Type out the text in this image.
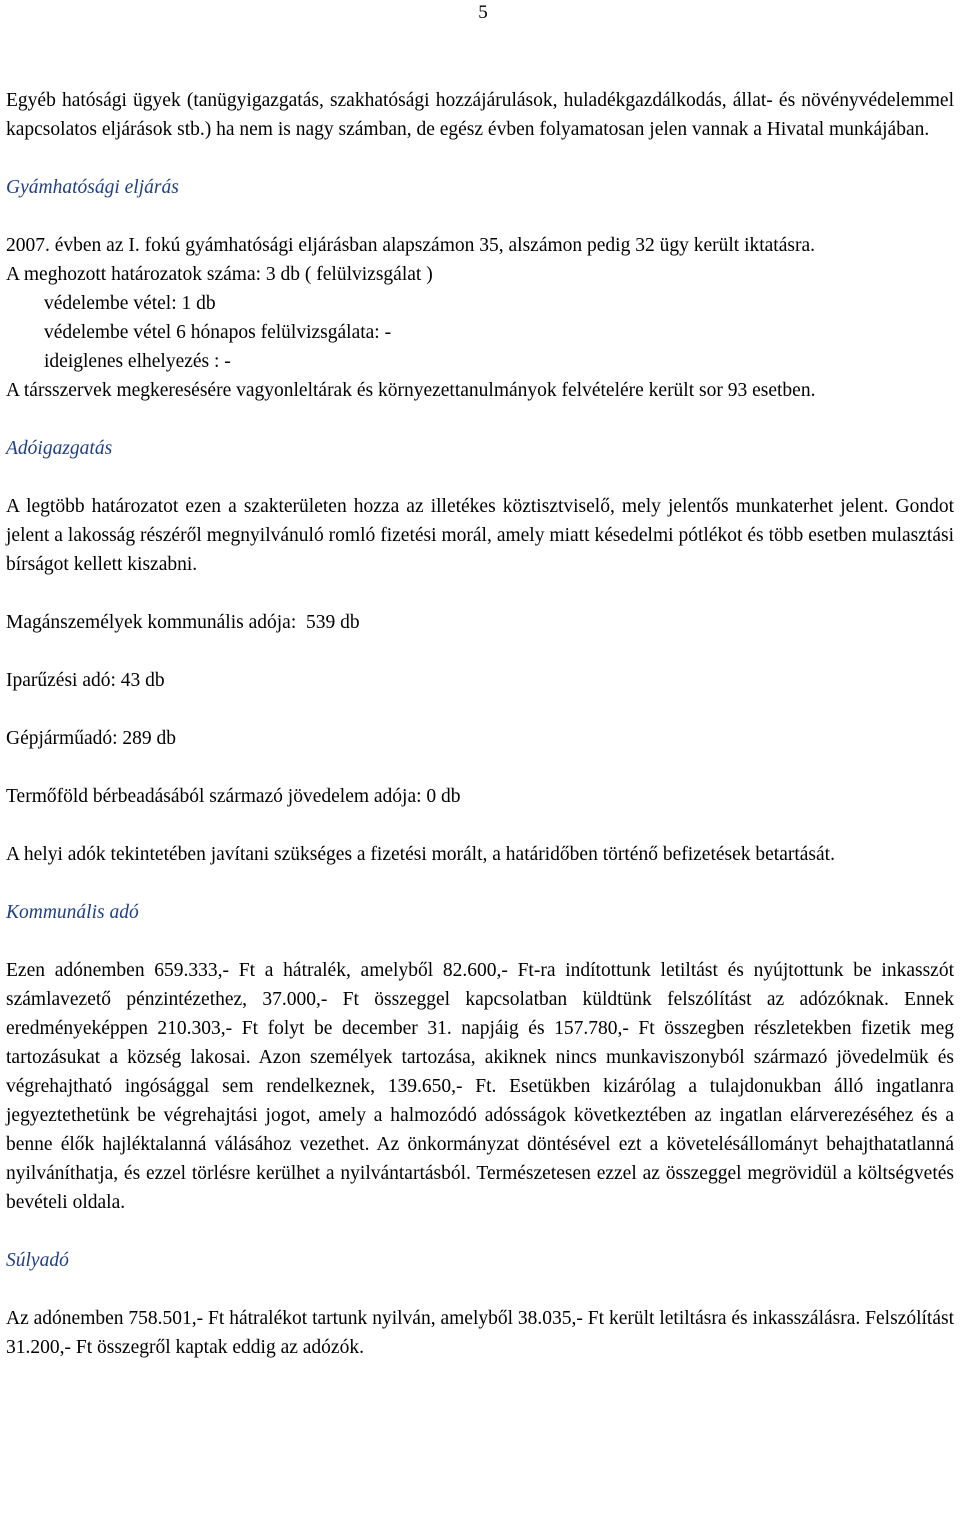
5

Egyéb hatósági ügyek (tanügyigazgatás, szakhatósági hozzájárulások, huladékgazdálkodás, állat- és növényvédelemmel kapcsolatos eljárások stb.) ha nem is nagy számban, de egész évben folyamatosan jelen vannak a Hivatal munkájában.

Gyámhatósági eljárás

2007. évben az I. fokú gyámhatósági eljárásban alapszámon 35, alszámon pedig 32 ügy került iktatásra.

A meghozott határozatok száma: 3 db ( felülvizsgálat )

védelembe vétel: 1 db

védelembe vétel 6 hónapos felülvizsgálata: -

ideiglenes elhelyezés : -

A társszervek megkeresésére vagyonleltárak és környezettanulmányok felvételére került sor 93 esetben.

Adóigazgatás

A legtöbb határozatot ezen a szakterületen hozza az illetékes köztisztviselő, mely jelentős munkaterhet jelent. Gondot jelent a lakosság részéről megnyilvánuló romló fizetési morál, amely miatt késedelmi pótlékot és több esetben mulasztási bírságot kellett kiszabni.

Magánszemélyek kommunális adója:  539 db

Iparűzési adó: 43 db

Gépjárműadó: 289 db

Termőföld bérbeadásából származó jövedelem adója: 0 db

A helyi adók tekintetében javítani szükséges a fizetési morált, a határidőben történő befizetések betartását.

Kommunális adó

Ezen adónemben 659.333,- Ft a hátralék, amelyből 82.600,- Ft-ra indítottunk letiltást és nyújtottunk be inkasszót számlavezető pénzintézethez, 37.000,- Ft összeggel kapcsolatban küldtünk felszólítást az adózóknak. Ennek eredményeképpen 210.303,- Ft folyt be december 31. napjáig és 157.780,- Ft összegben részletekben fizetik meg tartozásukat a község lakosai. Azon személyek tartozása, akiknek nincs munkaviszonyból származó jövedelmük és végrehajtható ingósággal sem rendelkeznek, 139.650,- Ft. Esetükben kizárólag a tulajdonukban álló ingatlanra jegyeztethetünk be végrehajtási jogot, amely a halmozódó adósságok következtében az ingatlan elárverezéséhez és a benne élők hajléktalanná válásához vezethet. Az önkormányzat döntésével ezt a követelésállományt behajthatatlanná nyilváníthatja, és ezzel törlésre kerülhet a nyilvántartásból. Természetesen ezzel az összeggel megrövidül a költségvetés bevételi oldala.

Súlyadó

Az adónemben 758.501,- Ft hátralékot tartunk nyilván, amelyből 38.035,- Ft került letiltásra és inkasszálásra. Felszólítást 31.200,- Ft összegről kaptak eddig az adózók.
